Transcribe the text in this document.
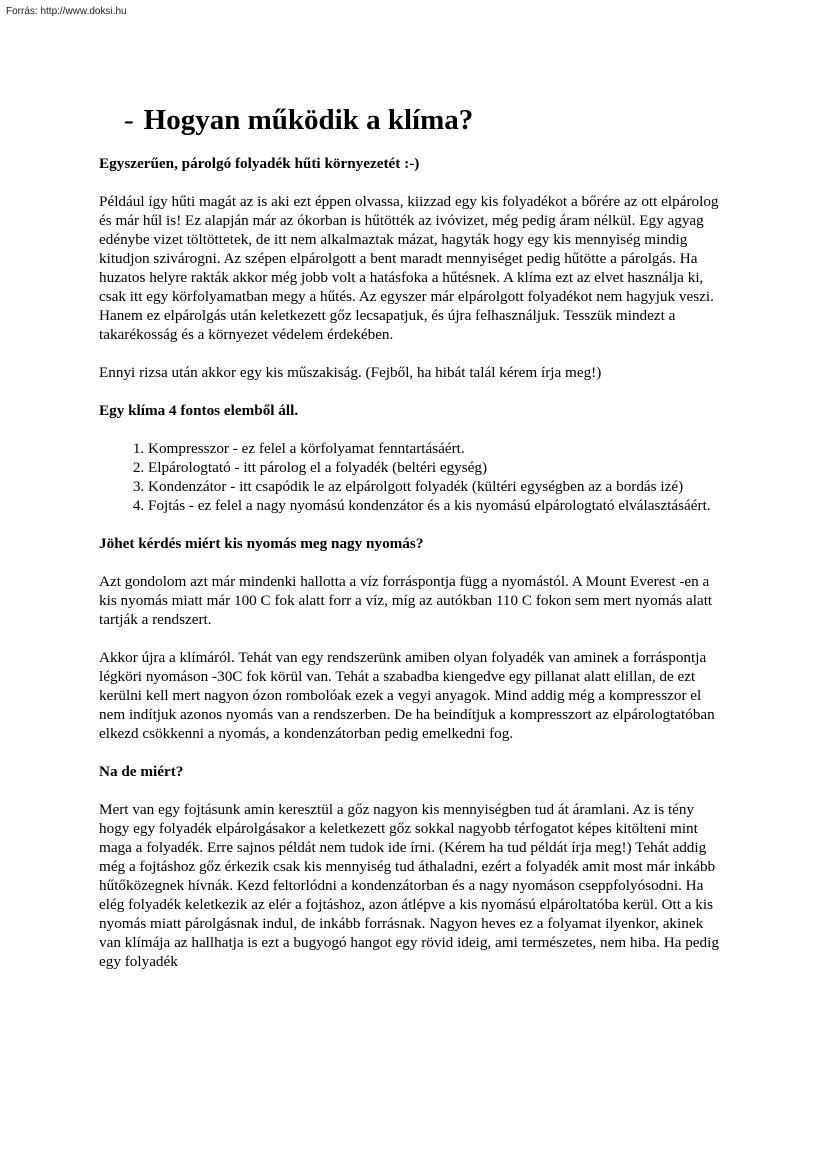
Forrás: http://www.doksi.hu
- Hogyan működik a klíma?
Egyszerűen, párolgó folyadék hűti környezetét :-)

Például így hűti magát az is aki ezt éppen olvassa, kiizzad egy kis folyadékot a bőrére az ott elpárolog és már hűl is! Ez alapján már az ókorban is hűtötték az ivóvizet, még pedig áram nélkül. Egy agyag edénybe vizet töltöttetek, de itt nem alkalmaztak mázat, hagyták hogy egy kis mennyiség mindig kitudjon szivárogni. Az szépen elpárolgott a bent maradt mennyiséget pedig hűtötte a párolgás. Ha huzatos helyre rakták akkor még jobb volt a hatásfoka a hűtésnek. A klíma ezt az elvet használja ki, csak itt egy körfolyamatban megy a hűtés. Az egyszer már elpárolgott folyadékot nem hagyjuk veszi. Hanem ez elpárolgás után keletkezett gőz lecsapatjuk, és újra felhasználjuk. Tesszük mindezt a takarékosság és a környezet védelem érdekében.

Ennyi rizsa után akkor egy kis műszakiság. (Fejből, ha hibát talál kérem írja meg!)

Egy klíma 4 fontos elemből áll.
1. Kompresszor - ez felel a körfolyamat fenntartásáért.
2. Elpárologtató - itt párolog el a folyadék (beltéri egység)
3. Kondenzátor - itt csapódik le az elpárolgott folyadék (kültéri egységben az a bordás izé)
4. Fojtás - ez felel a nagy nyomású kondenzátor és a kis nyomású elpárologtató elválasztásáért.
Jöhet kérdés miért kis nyomás meg nagy nyomás?

Azt gondolom azt már mindenki hallotta a víz forráspontja függ a nyomástól. A Mount Everest -en a kis nyomás miatt már 100 C fok alatt forr a víz, míg az autókban 110 C fokon sem mert nyomás alatt tartják a rendszert.

Akkor újra a klímáról. Tehát van egy rendszerünk amiben olyan folyadék van aminek a forráspontja légköri nyomáson -30C fok körül van. Tehát a szabadba kiengedve egy pillanat alatt elillan, de ezt kerülni kell mert nagyon ózon rombolóak ezek a vegyi anyagok. Mind addig még a kompresszor el nem indítjuk azonos nyomás van a rendszerben. De ha beindítjuk a kompresszort az elpárologtatóban elkezd csökkenni a nyomás, a kondenzátorban pedig emelkedni fog.

Na de miért?

Mert van egy fojtásunk amin keresztül a gőz nagyon kis mennyiségben tud át áramlani. Az is tény hogy egy folyadék elpárolgásakor a keletkezett gőz sokkal nagyobb térfogatot képes kitölteni mint maga a folyadék. Erre sajnos példát nem tudok ide írni. (Kérem ha tud példát írja meg!) Tehát addig még a fojtáshoz gőz érkezik csak kis mennyiség tud áthaladni, ezért a folyadék amit most már inkább hűtőközegnek hívnák. Kezd feltorlódni a kondenzátorban és a nagy nyomáson cseppfolyósodni. Ha elég folyadék keletkezik az elér a fojtáshoz, azon átlépve a kis nyomású elpároltatóba kerül. Ott a kis nyomás miatt párolgásnak indul, de inkább forrásnak. Nagyon heves ez a folyamat ilyenkor, akinek van klímája az hallhatja is ezt a bugyogó hangot egy rövid ideig, ami természetes, nem hiba. Ha pedig egy folyadék
